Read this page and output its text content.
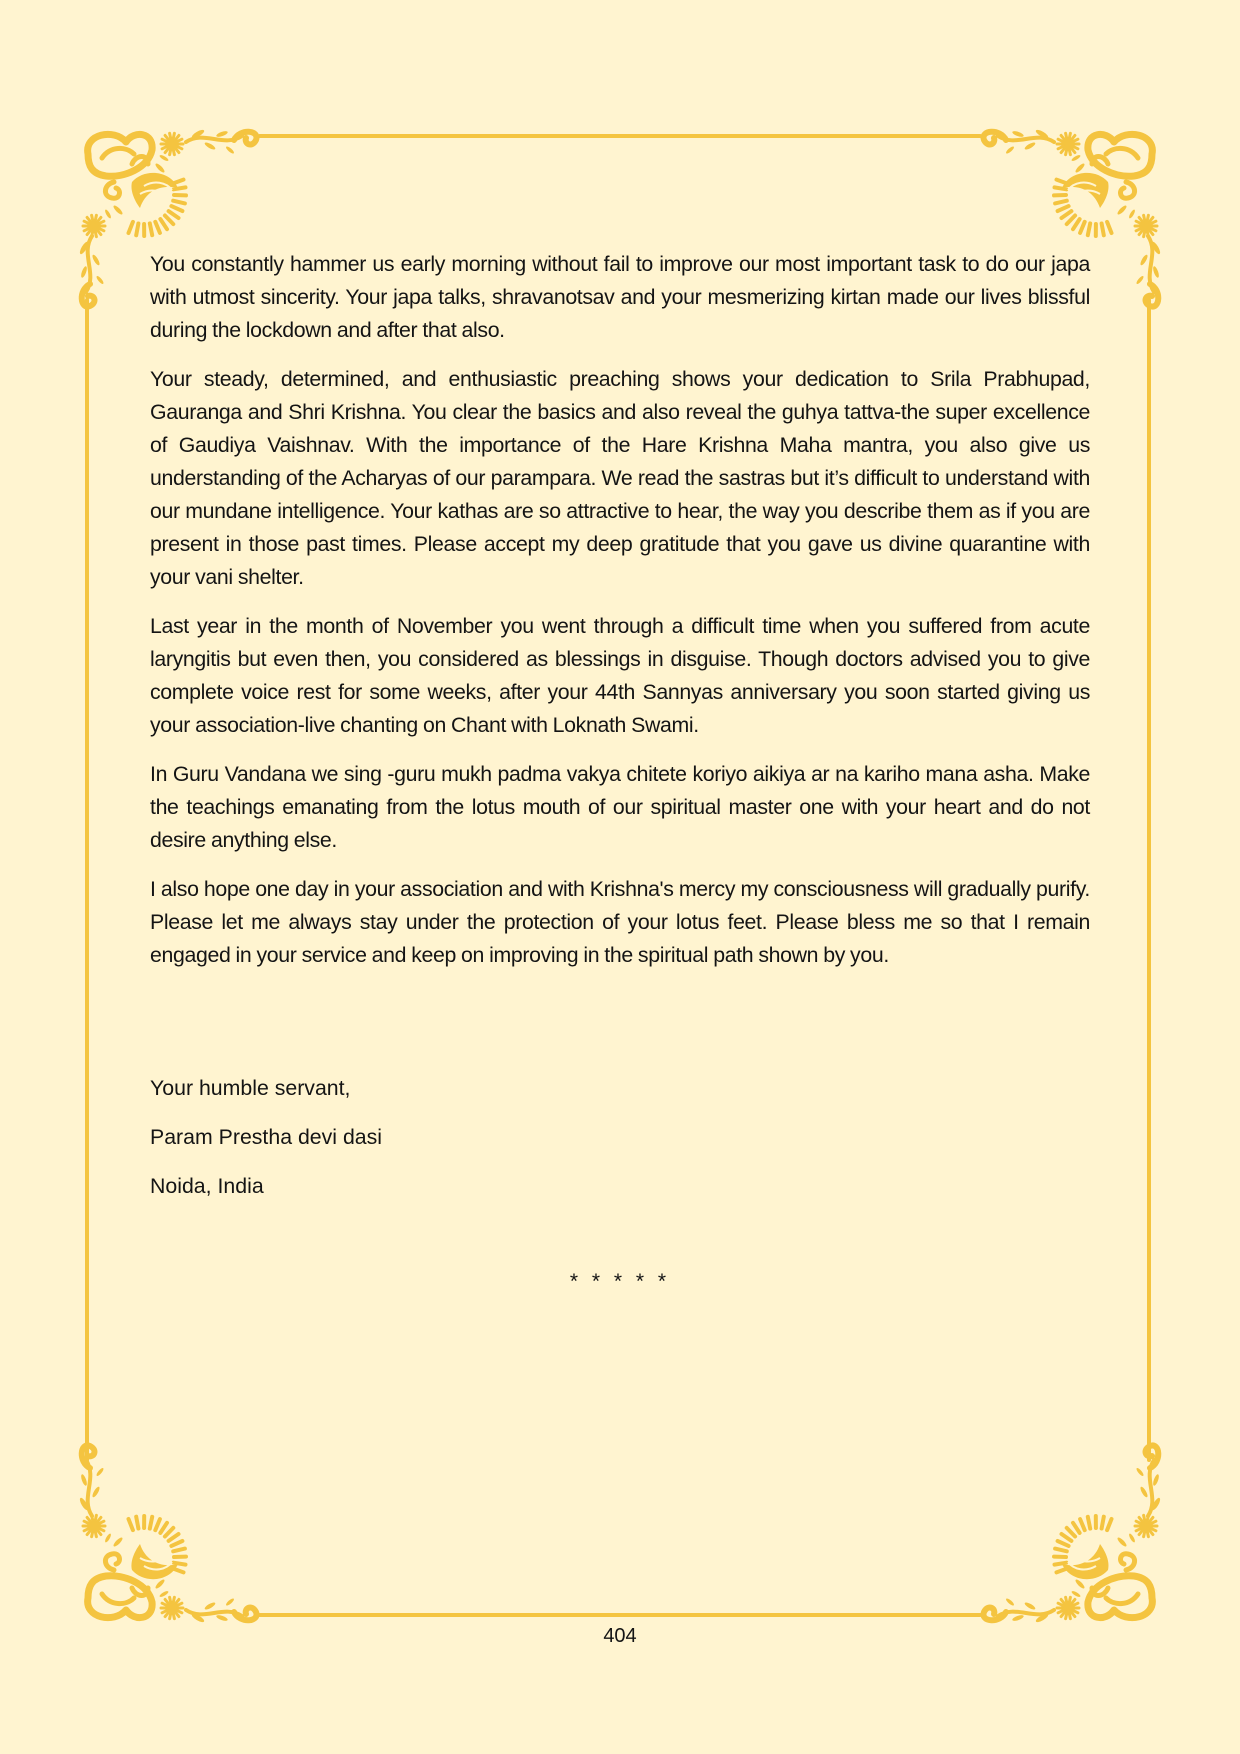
You constantly hammer us early morning without fail to improve our most important task to do our japa with utmost sincerity. Your japa talks, shravanotsav and your mesmerizing kirtan made our lives blissful during the lockdown and after that also.

Your steady, determined, and enthusiastic preaching shows your dedication to Srila Prabhupad, Gauranga and Shri Krishna. You clear the basics and also reveal the guhya tattva-the super excellence of Gaudiya Vaishnav. With the importance of the Hare Krishna Maha mantra, you also give us understanding of the Acharyas of our parampara. We read the sastras but it’s difficult to understand with our mundane intelligence. Your kathas are so attractive to hear, the way you describe them as if you are present in those past times. Please accept my deep gratitude that you gave us divine quarantine with your vani shelter.

Last year in the month of November you went through a difficult time when you suffered from acute laryngitis but even then, you considered as blessings in disguise. Though doctors advised you to give complete voice rest for some weeks, after your 44th Sannyas anniversary you soon started giving us your association-live chanting on Chant with Loknath Swami.

In Guru Vandana we sing -guru mukh padma vakya chitete koriyo aikiya ar na kariho mana asha. Make the teachings emanating from the lotus mouth of our spiritual master one with your heart and do not desire anything else.

I also hope one day in your association and with Krishna's mercy my consciousness will gradually purify. Please let me always stay under the protection of your lotus feet. Please bless me so that I remain engaged in your service and keep on improving in the spiritual path shown by you.

Your humble servant,
Param Prestha devi dasi
Noida, India
* * * * *
404
